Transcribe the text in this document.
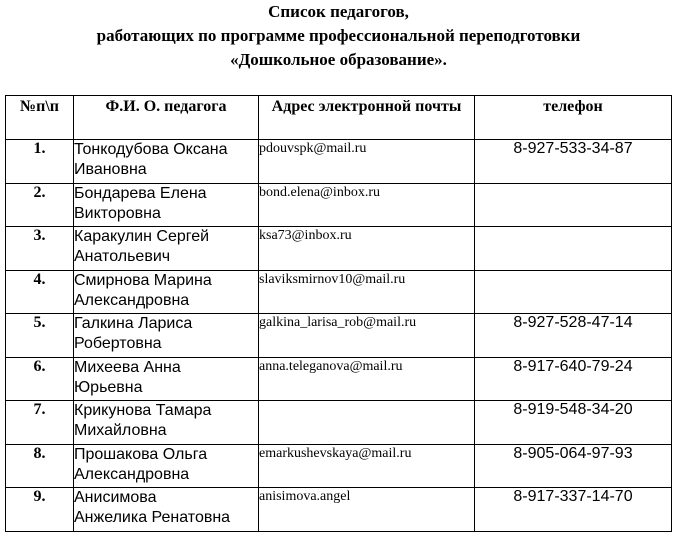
Список педагогов,
работающих по программе профессиональной переподготовки
«Дошкольное образование».
№п\п	Ф.И. О. педагога	Адрес электронной почты	телефон
1.	Тонкодубова Оксана
Ивановна	pdouvspk@mail.ru	8-927-533-34-87
2.	Бондарева Елена
Викторовна	bond.elena@inbox.ru	
3.	Каракулин Сергей
Анатольевич	ksa73@inbox.ru	
4.	Смирнова Марина
Александровна	slaviksmirnov10@mail.ru	
5.	Галкина Лариса
Робертовна	galkina_larisa_rob@mail.ru	8-927-528-47-14
6.	Михеева Анна
Юрьевна	anna.teleganova@mail.ru	8-917-640-79-24
7.	Крикунова Тамара
Михайловна		8-919-548-34-20
8.	Прошакова Ольга
Александровна	emarkushevskaya@mail.ru	8-905-064-97-93
9.	Анисимова
Анжелика Ренатовна	anisimova.angel	8-917-337-14-70
